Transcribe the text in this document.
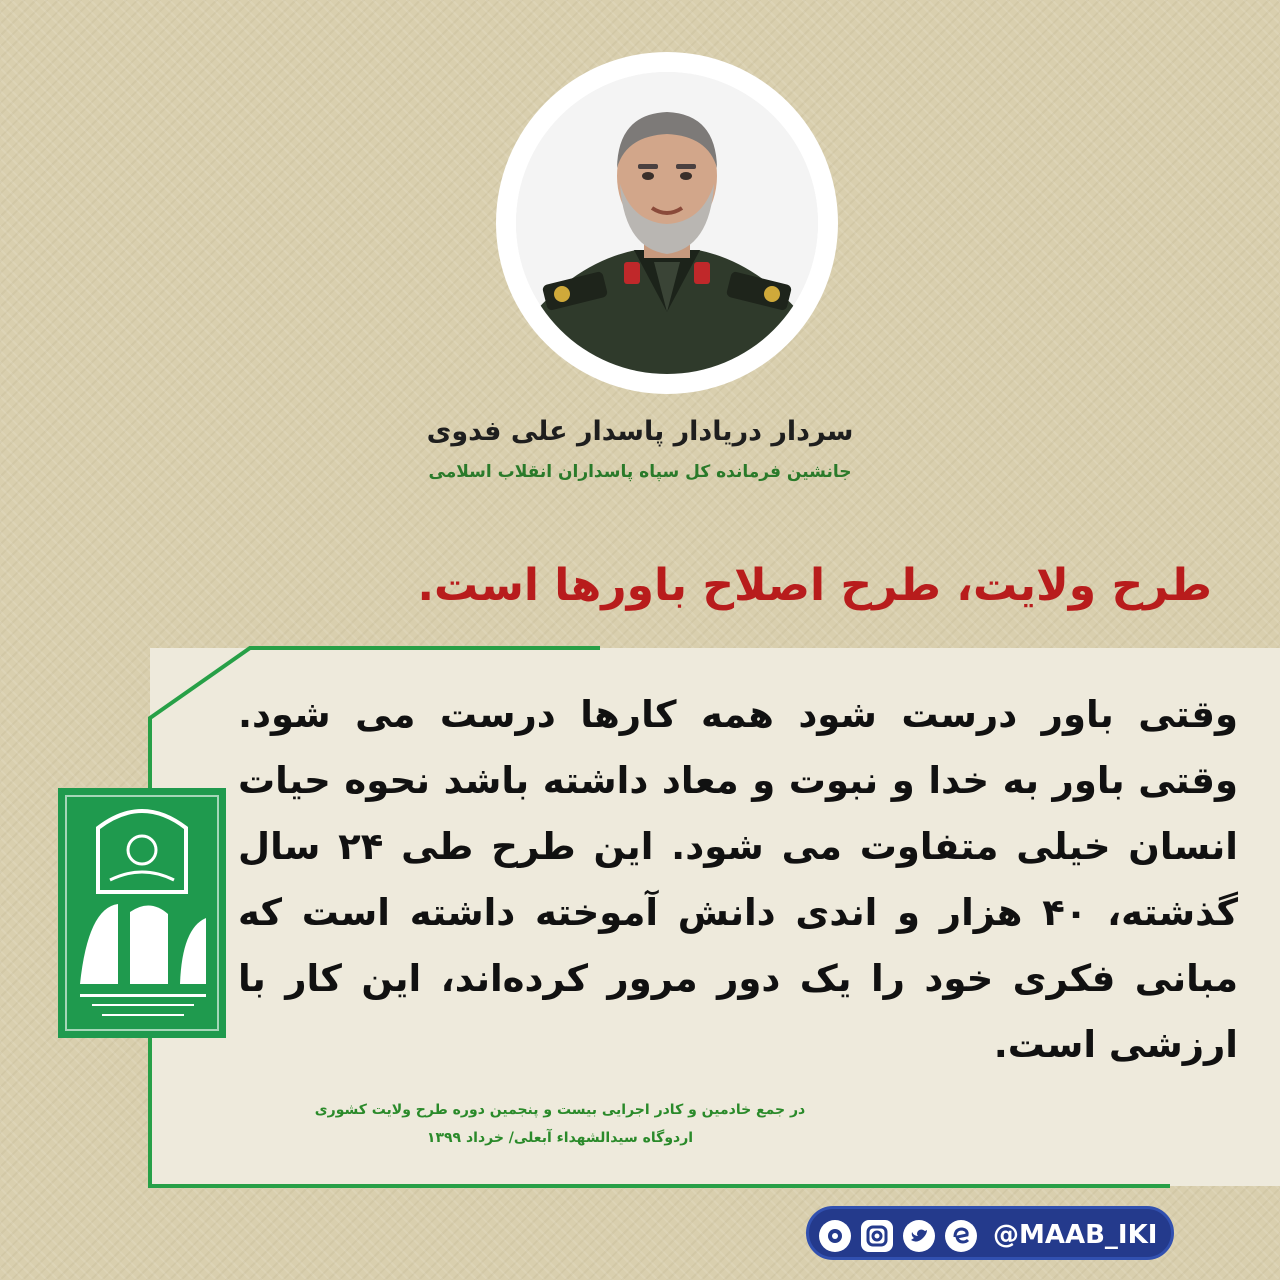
سردار دریادار پاسدار علی فدوی
جانشین فرمانده کل سپاه پاسداران انقلاب اسلامی
طرح ولایت، طرح اصلاح باورها است.
وقتی باور درست شود همه کارها درست می شود. وقتی باور به خدا و نبوت و معاد داشته باشد نحوه حیات انسان خیلی متفاوت می شود. این طرح طی ۲۴ سال گذشته، ۴۰ هزار و اندی دانش آموخته داشته است که مبانی فکری خود را یک دور مرور کرده‌اند، این کار با ارزشی است.
در جمع خادمین و کادر اجرایی بیست و پنجمین دوره طرح ولایت کشوری
اردوگاه سیدالشهداء آبعلی/ خرداد ۱۳۹۹
@MAAB_IKI
